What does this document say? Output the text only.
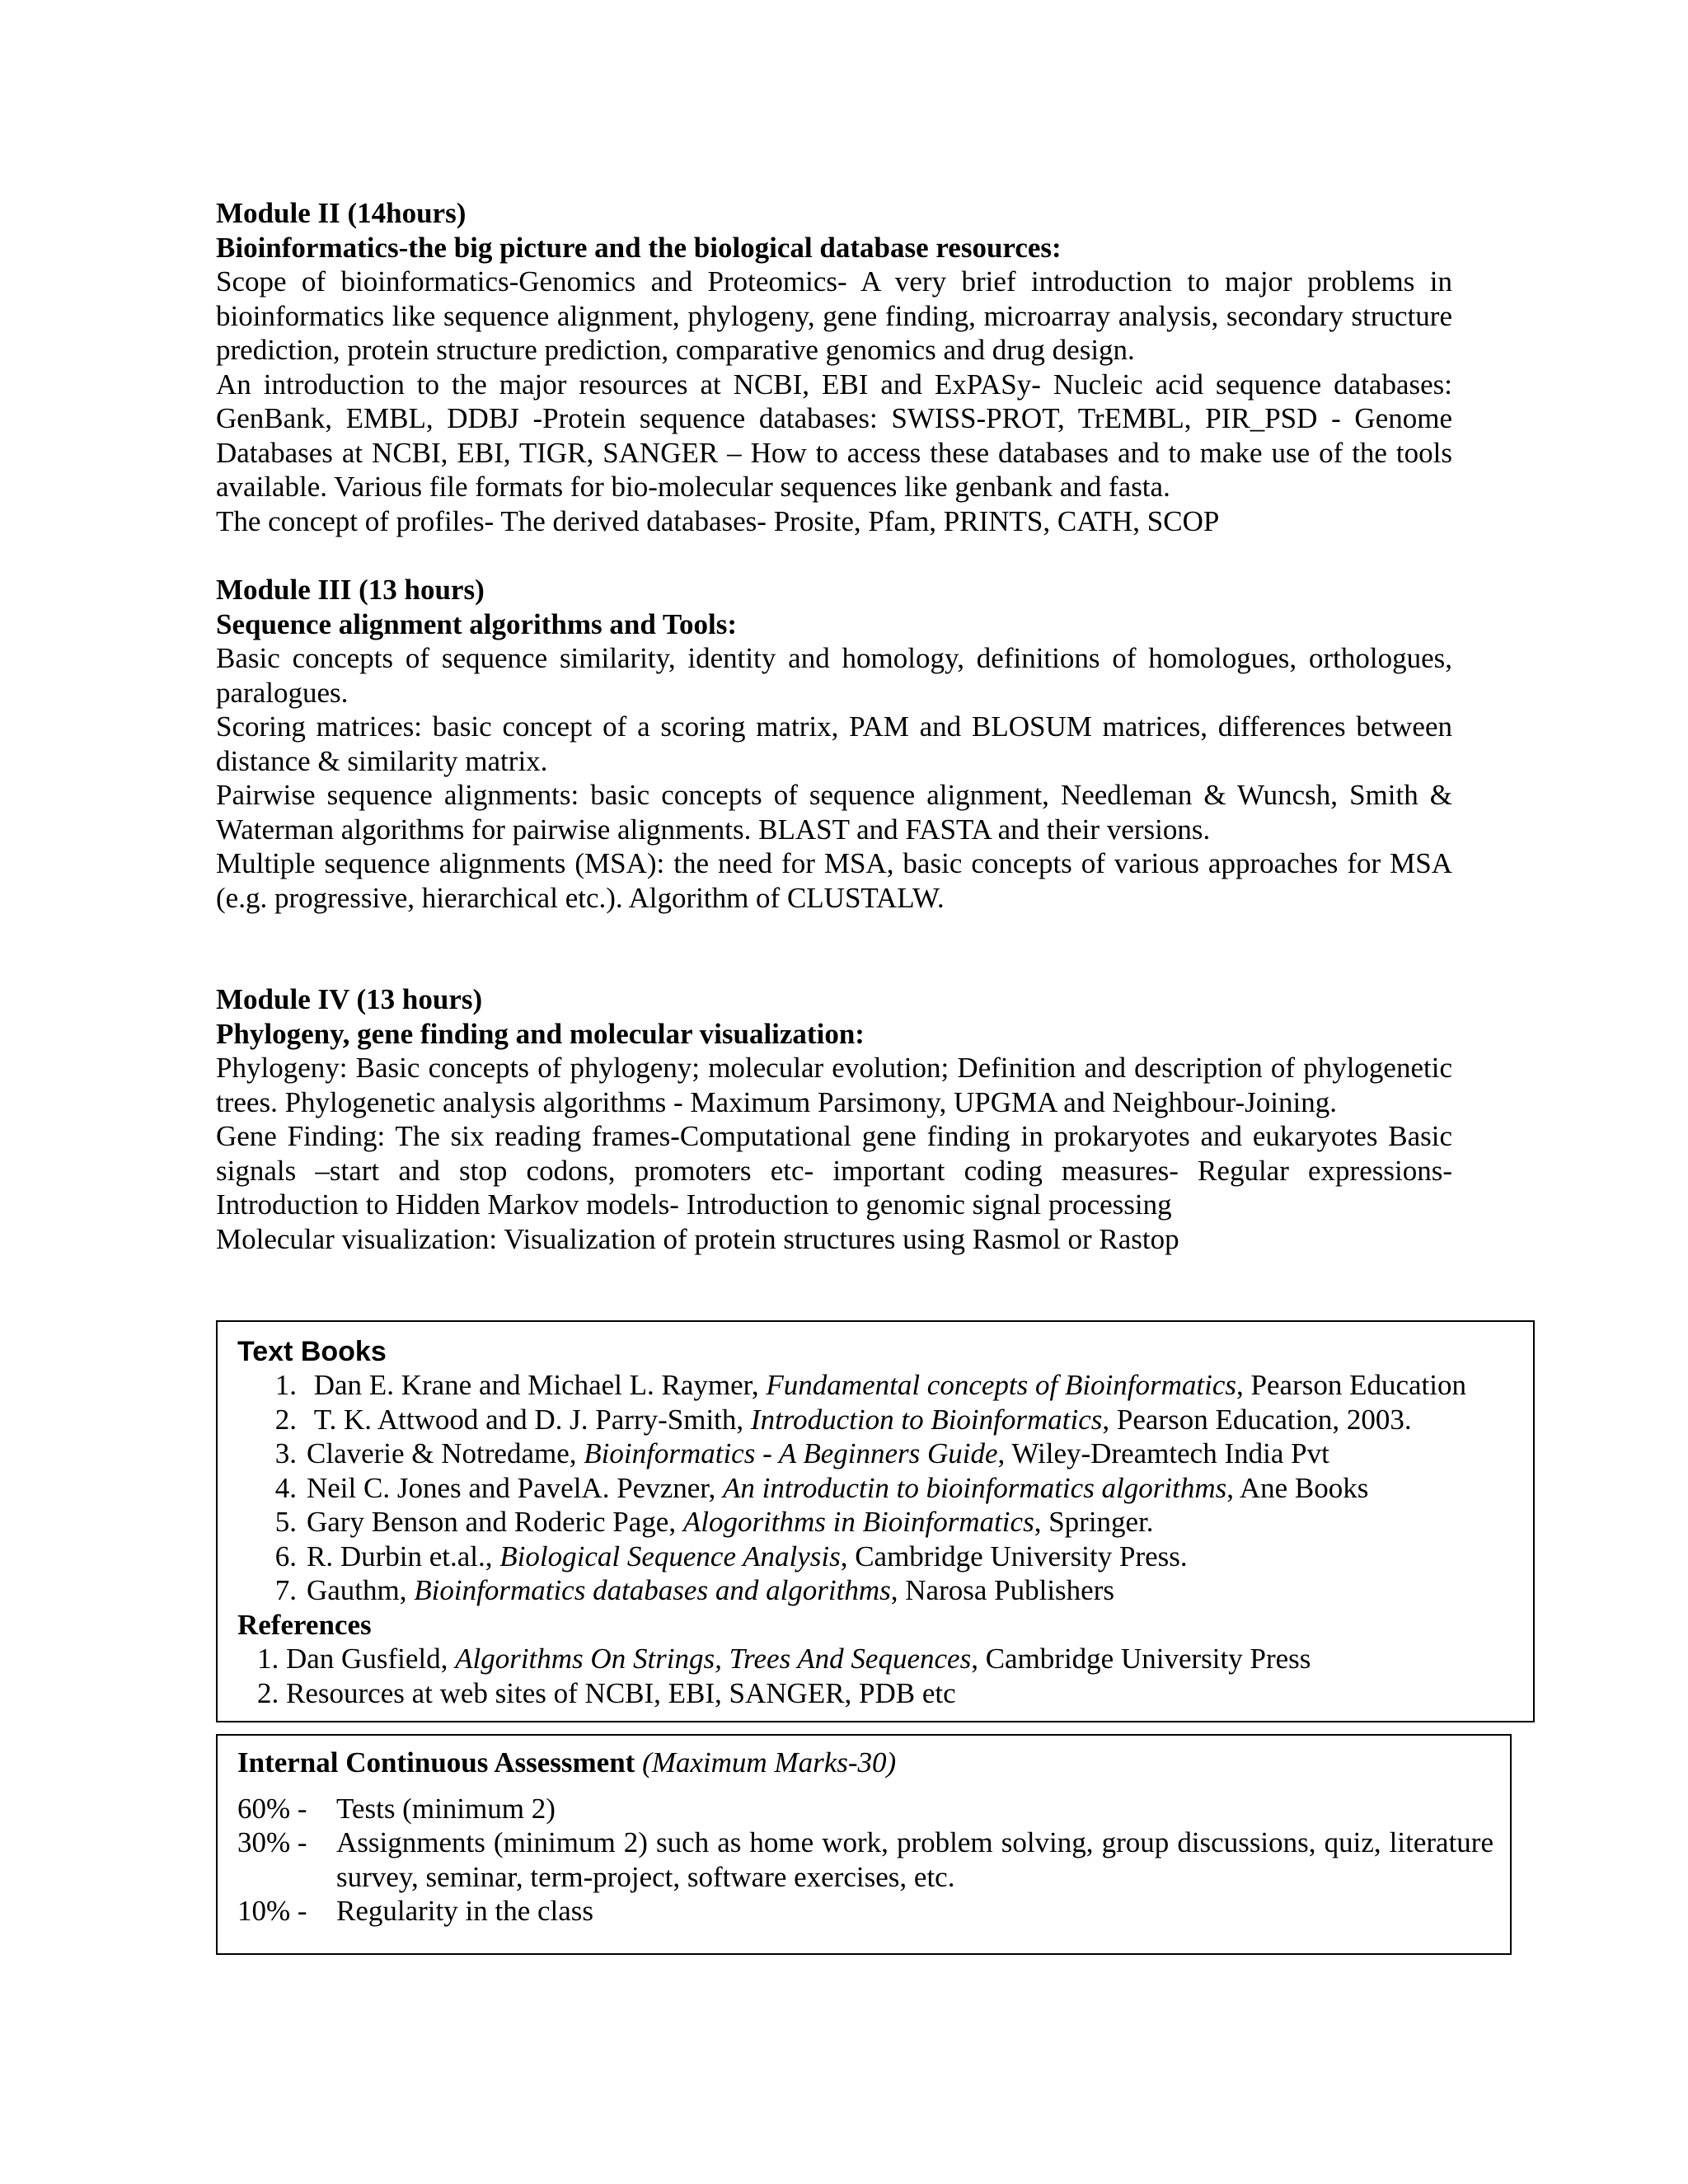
Module II (14hours)
Bioinformatics-the big picture and the biological database resources:
Scope of bioinformatics-Genomics and Proteomics- A very brief introduction to major problems in bioinformatics like sequence alignment, phylogeny, gene finding, microarray analysis, secondary structure prediction, protein structure prediction, comparative genomics and drug design.
An introduction to the major resources at NCBI, EBI and ExPASy- Nucleic acid sequence databases: GenBank, EMBL, DDBJ -Protein sequence databases: SWISS-PROT, TrEMBL, PIR_PSD - Genome Databases at NCBI, EBI, TIGR, SANGER – How to access these databases and to make use of the tools available. Various file formats for bio-molecular sequences like genbank and fasta.
The concept of profiles- The derived databases- Prosite, Pfam, PRINTS, CATH, SCOP
Module III (13 hours)
Sequence alignment algorithms and Tools:
Basic concepts of sequence similarity, identity and homology, definitions of homologues, orthologues, paralogues.
Scoring matrices: basic concept of a scoring matrix, PAM and BLOSUM matrices, differences between distance & similarity matrix.
Pairwise sequence alignments: basic concepts of sequence alignment, Needleman & Wuncsh, Smith & Waterman algorithms for pairwise alignments. BLAST and FASTA and their versions.
Multiple sequence alignments (MSA): the need for MSA, basic concepts of various approaches for MSA (e.g. progressive, hierarchical etc.). Algorithm of CLUSTALW.
Module IV (13 hours)
Phylogeny, gene finding and molecular visualization:
Phylogeny: Basic concepts of phylogeny; molecular evolution; Definition and description of phylogenetic trees. Phylogenetic analysis algorithms - Maximum Parsimony, UPGMA and Neighbour-Joining.
Gene Finding: The six reading frames-Computational gene finding in prokaryotes and eukaryotes Basic signals –start and stop codons, promoters etc- important coding measures- Regular expressions- Introduction to Hidden Markov models- Introduction to genomic signal processing
Molecular visualization: Visualization of protein structures using Rasmol or Rastop
Text Books
1. Dan E. Krane and Michael L. Raymer, Fundamental concepts of Bioinformatics, Pearson Education
2. T. K. Attwood and D. J. Parry-Smith, Introduction to Bioinformatics, Pearson Education, 2003.
3. Claverie & Notredame, Bioinformatics - A Beginners Guide, Wiley-Dreamtech India Pvt
4. Neil C. Jones and PavelA. Pevzner, An introductin to bioinformatics algorithms, Ane Books
5. Gary Benson and Roderic Page, Alogorithms in Bioinformatics, Springer.
6. R. Durbin et.al., Biological Sequence Analysis, Cambridge University Press.
7. Gauthm, Bioinformatics databases and algorithms, Narosa Publishers
References
1. Dan Gusfield, Algorithms On Strings, Trees And Sequences, Cambridge University Press
2. Resources at web sites of NCBI, EBI, SANGER, PDB etc
Internal Continuous Assessment (Maximum Marks-30)
60% -	Tests (minimum 2)
30% -	Assignments (minimum 2) such as home work, problem solving, group discussions, quiz, literature survey, seminar, term-project, software exercises, etc.
10% -	Regularity in the class
